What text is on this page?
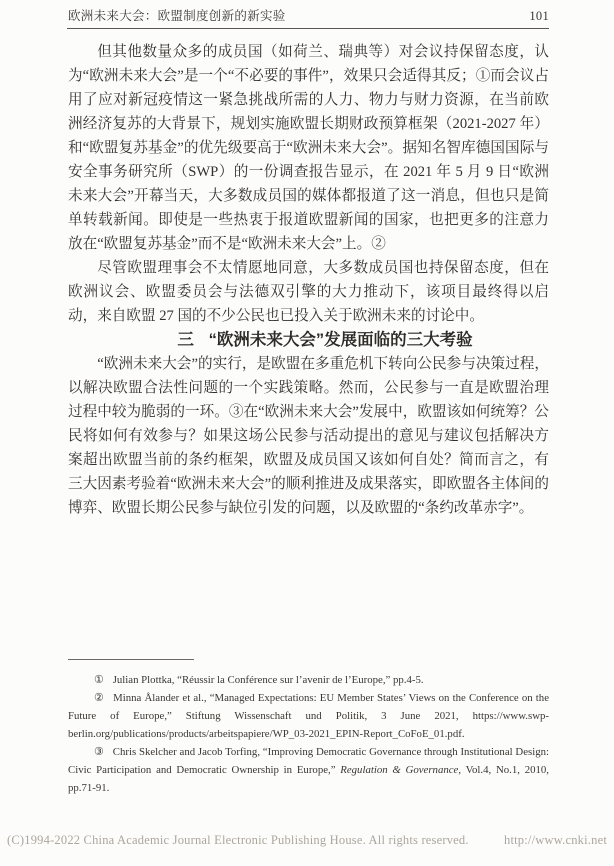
欧洲未来大会：欧盟制度创新的新实验	101

但其他数量众多的成员国（如荷兰、瑞典等）对会议持保留态度，认为“欧洲未来大会”是一个“不必要的事件”，效果只会适得其反；①而会议占用了应对新冠疫情这一紧急挑战所需的人力、物力与财力资源，在当前欧洲经济复苏的大背景下，规划实施欧盟长期财政预算框架（2021-2027 年）和“欧盟复苏基金”的优先级要高于“欧洲未来大会”。据知名智库德国国际与安全事务研究所（SWP）的一份调查报告显示，在 2021 年 5 月 9 日“欧洲未来大会”开幕当天，大多数成员国的媒体都报道了这一消息，但也只是简单转载新闻。即使是一些热衷于报道欧盟新闻的国家，也把更多的注意力放在“欧盟复苏基金”而不是“欧洲未来大会”上。②

尽管欧盟理事会不太情愿地同意，大多数成员国也持保留态度，但在欧洲议会、欧盟委员会与法德双引擎的大力推动下，该项目最终得以启动，来自欧盟 27 国的不少公民也已投入关于欧洲未来的讨论中。

三 “欧洲未来大会”发展面临的三大考验

“欧洲未来大会”的实行，是欧盟在多重危机下转向公民参与决策过程，以解决欧盟合法性问题的一个实践策略。然而，公民参与一直是欧盟治理过程中较为脆弱的一环。③在“欧洲未来大会”发展中，欧盟该如何统筹？公民将如何有效参与？如果这场公民参与活动提出的意见与建议包括解决方案超出欧盟当前的条约框架，欧盟及成员国又该如何自处？简而言之，有三大因素考验着“欧洲未来大会”的顺利推进及成果落实，即欧盟各主体间的博弈、欧盟长期公民参与缺位引发的问题，以及欧盟的“条约改革赤字”。

① Julian Plottka, “Réussir la Conférence sur l’avenir de l’Europe,” pp.4-5.

② Minna Ålander et al., “Managed Expectations: EU Member States’ Views on the Conference on the Future of Europe,” Stiftung Wissenschaft und Politik, 3 June 2021, https://www.swp-berlin.org/publications/products/arbeitspapiere/WP_03-2021_EPIN-Report_CoFoE_01.pdf.

③ Chris Skelcher and Jacob Torfing, “Improving Democratic Governance through Institutional Design: Civic Participation and Democratic Ownership in Europe,” Regulation & Governance, Vol.4, No.1, 2010, pp.71-91.

(C)1994-2022 China Academic Journal Electronic Publishing House. All rights reserved.	http://www.cnki.net
